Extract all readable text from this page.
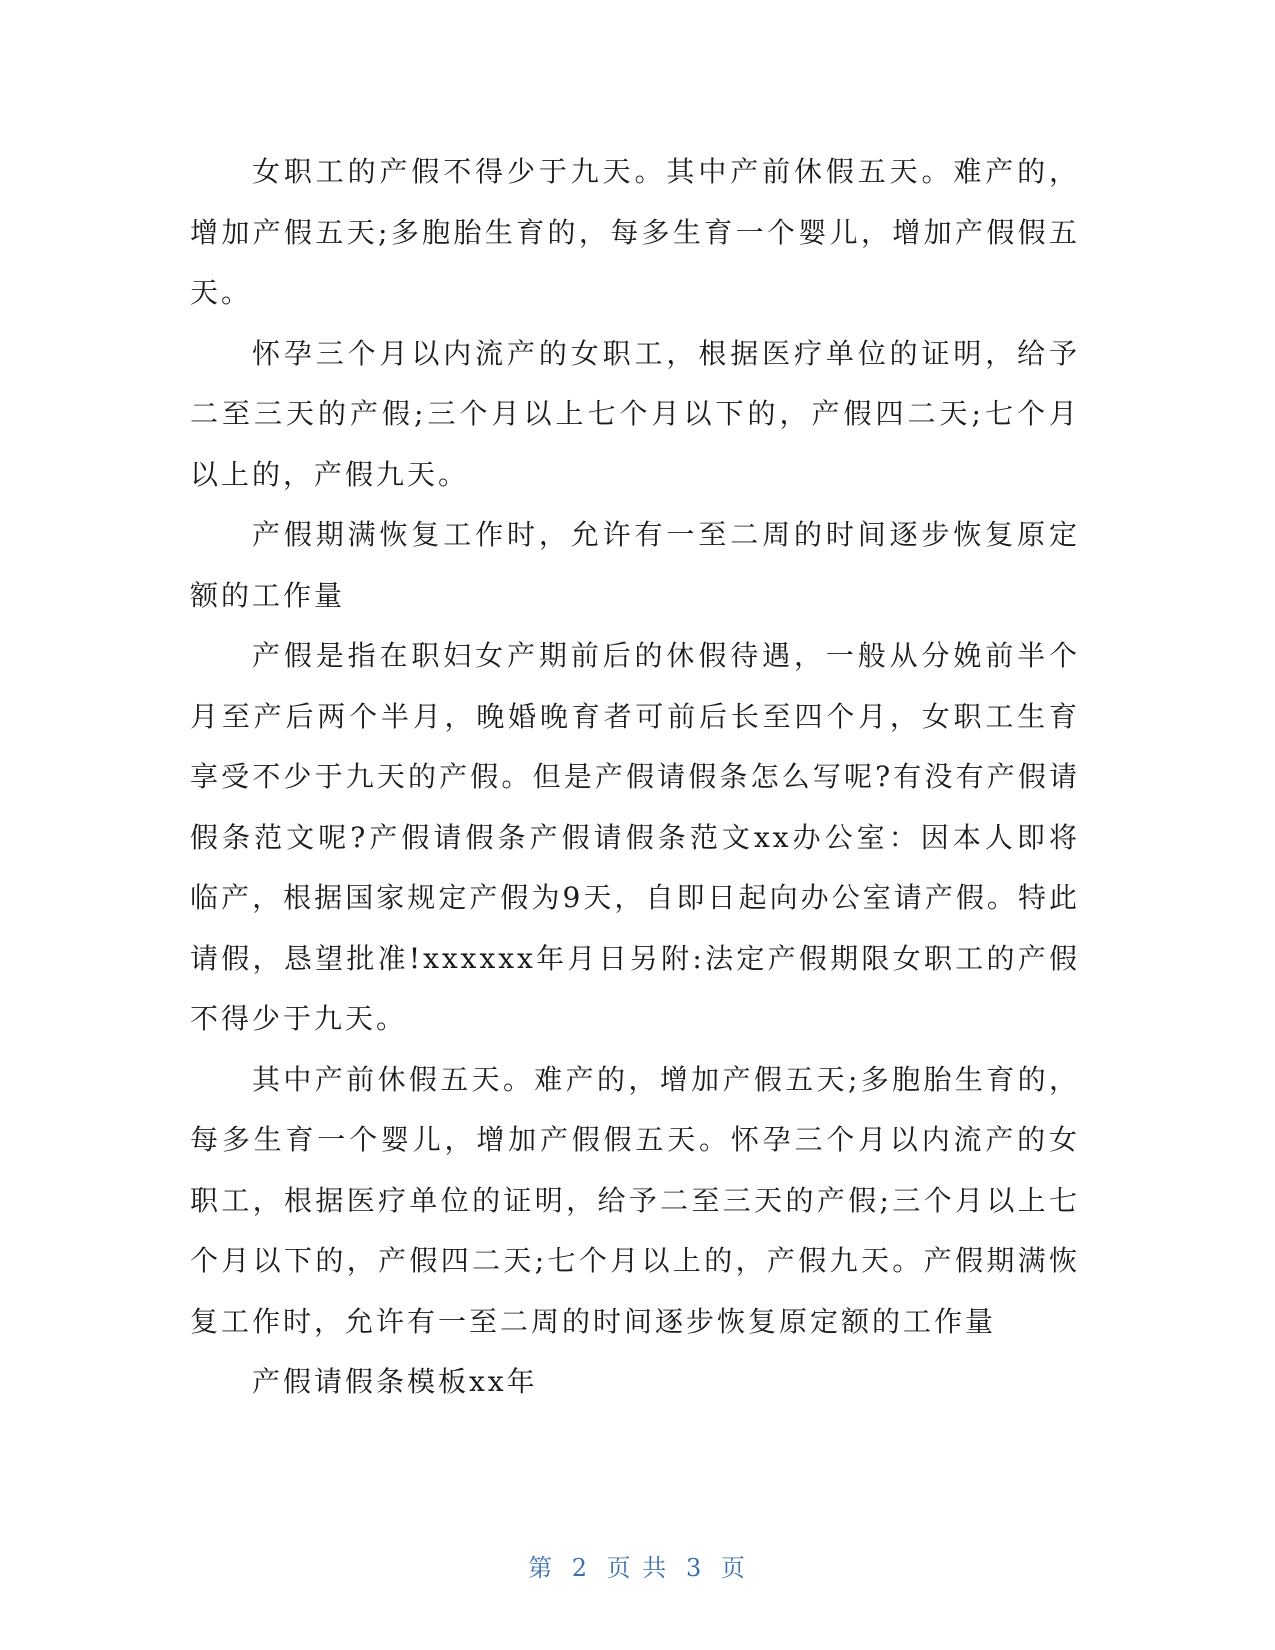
女职工的产假不得少于九天。其中产前休假五天。难产的，增加产假五天;多胞胎生育的，每多生育一个婴儿，增加产假假五天。

怀孕三个月以内流产的女职工，根据医疗单位的证明，给予二至三天的产假;三个月以上七个月以下的，产假四二天;七个月以上的，产假九天。

产假期满恢复工作时，允许有一至二周的时间逐步恢复原定额的工作量

产假是指在职妇女产期前后的休假待遇，一般从分娩前半个月至产后两个半月，晚婚晚育者可前后长至四个月，女职工生育享受不少于九天的产假。但是产假请假条怎么写呢?有没有产假请假条范文呢?产假请假条产假请假条范文xx办公室：因本人即将临产，根据国家规定产假为9天，自即日起向办公室请产假。特此请假，恳望批准!xxxxxx年月日另附:法定产假期限女职工的产假不得少于九天。

其中产前休假五天。难产的，增加产假五天;多胞胎生育的，每多生育一个婴儿，增加产假假五天。怀孕三个月以内流产的女职工，根据医疗单位的证明，给予二至三天的产假;三个月以上七个月以下的，产假四二天;七个月以上的，产假九天。产假期满恢复工作时，允许有一至二周的时间逐步恢复原定额的工作量

产假请假条模板xx年

第 2 页 共 3 页
